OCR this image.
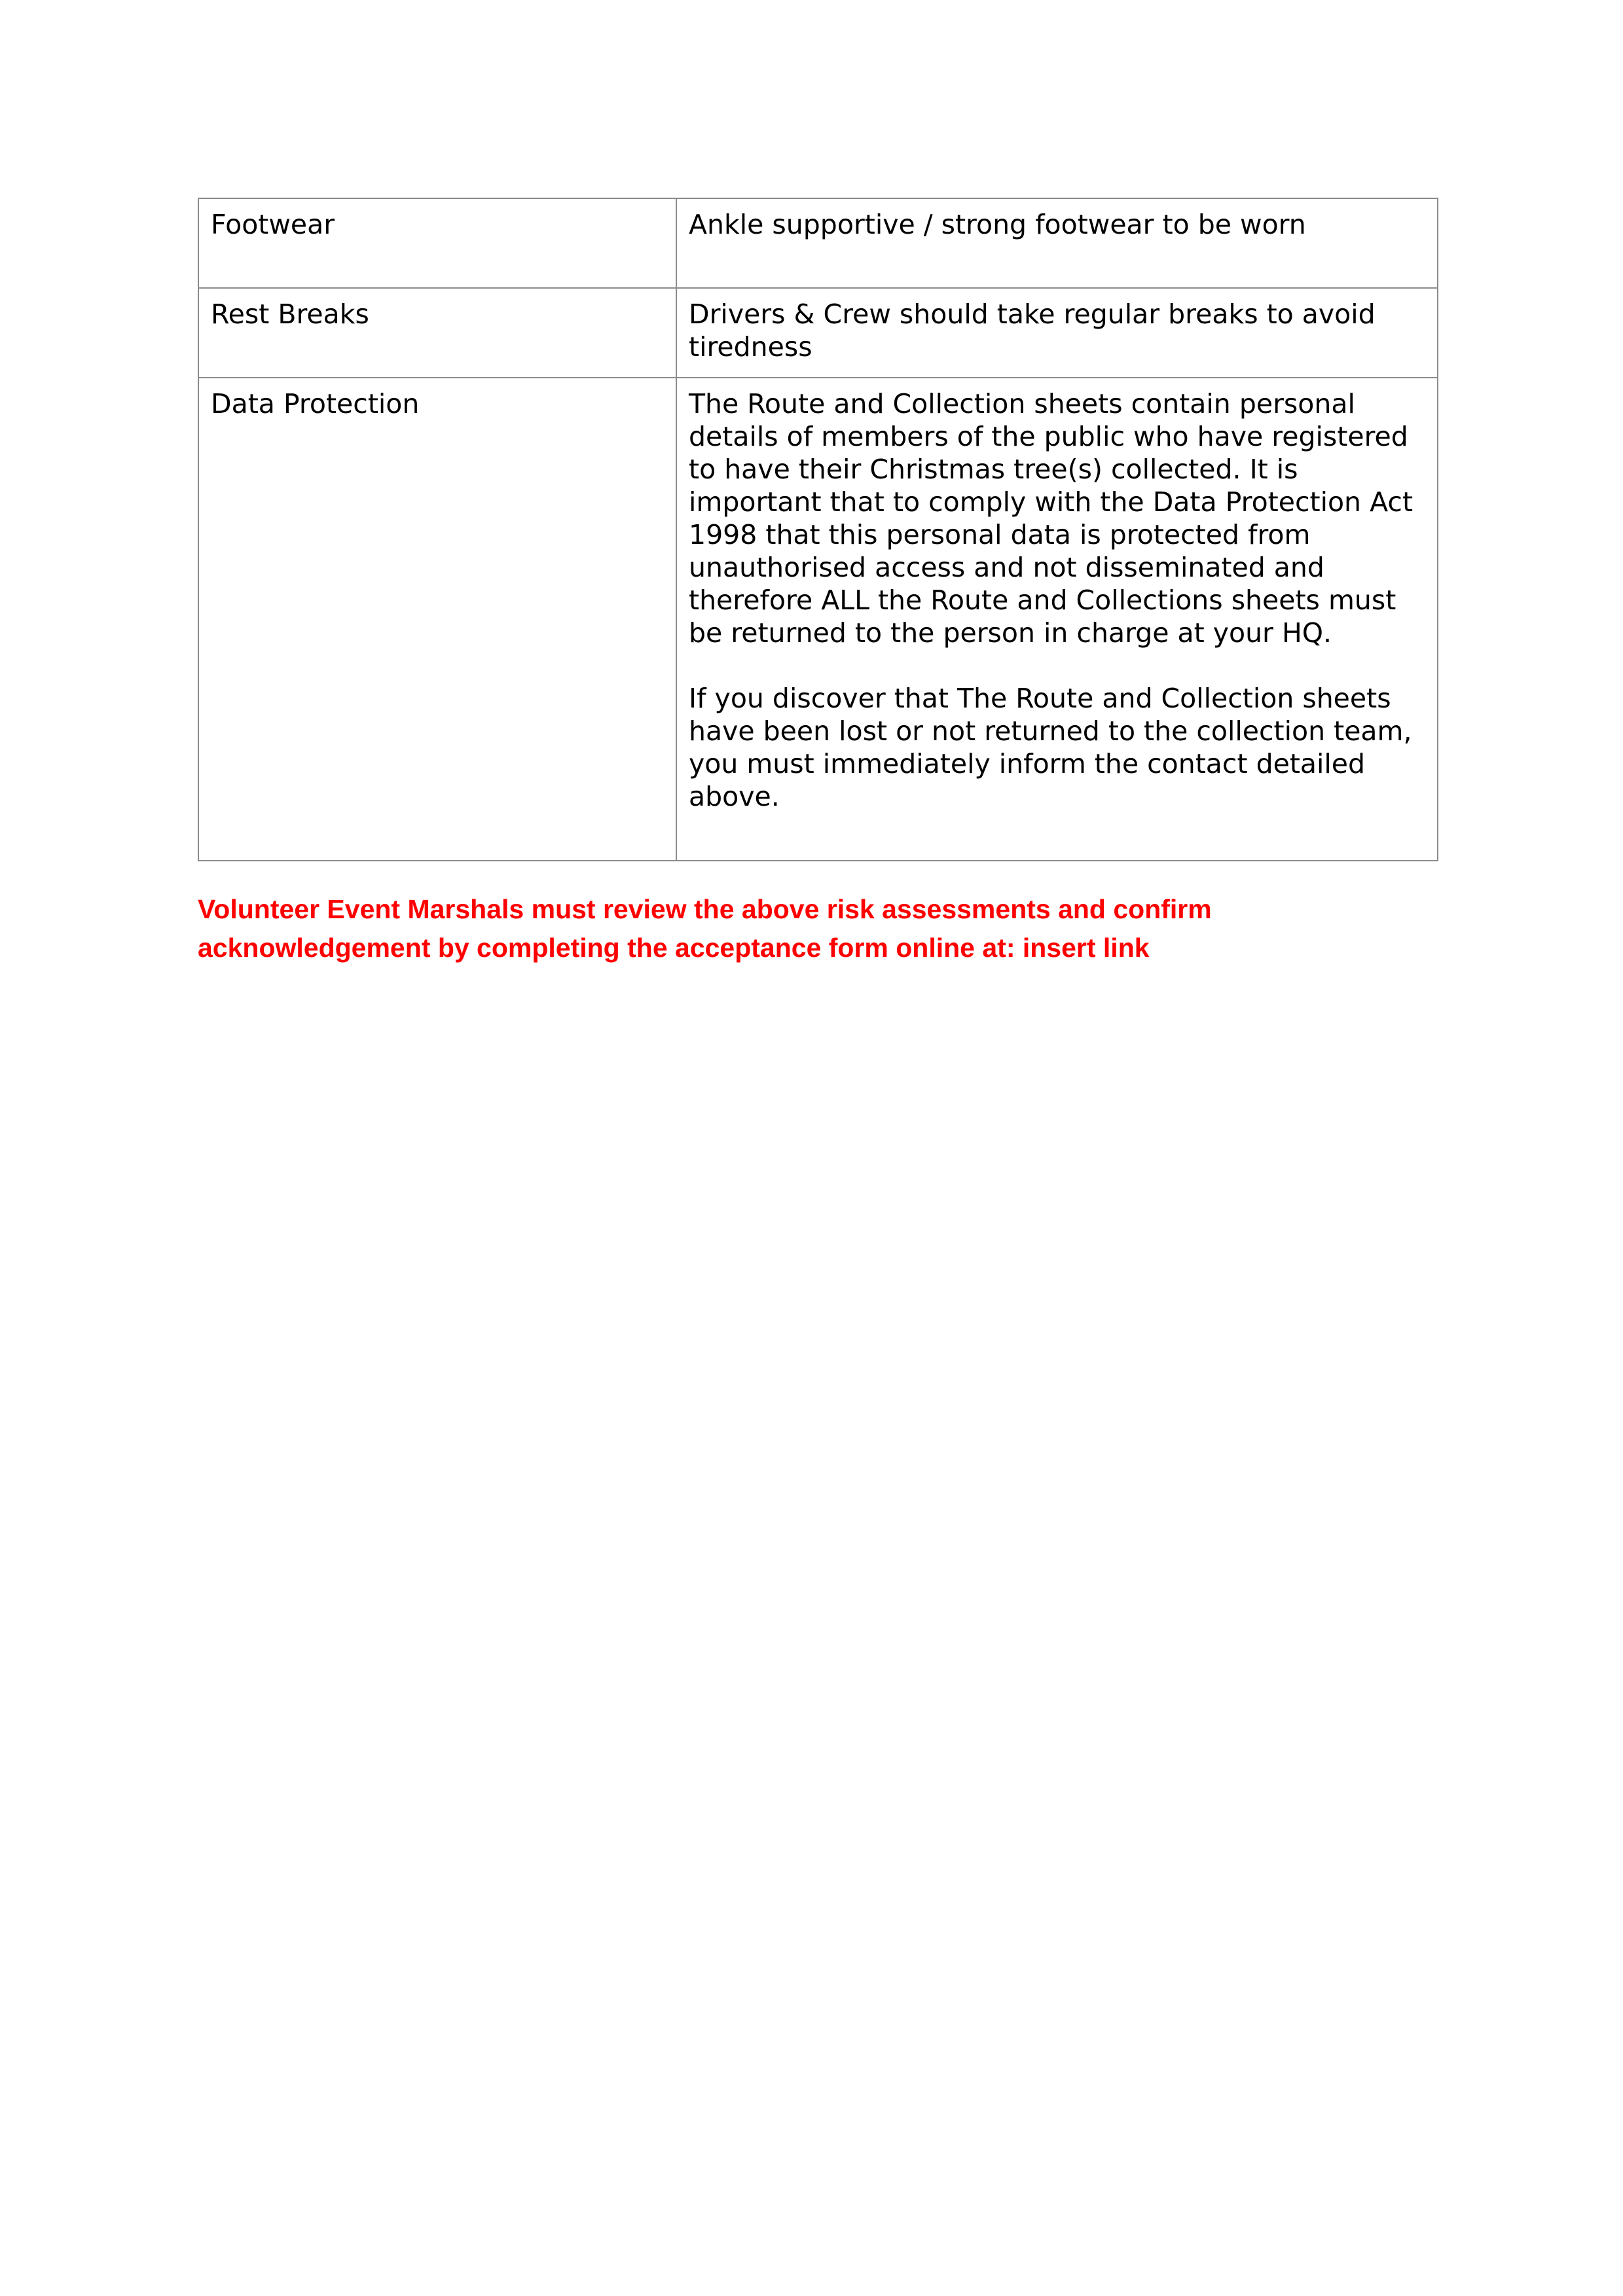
Footwear	Ankle supportive / strong footwear to be worn

Rest Breaks	Drivers & Crew should take regular breaks to avoid tiredness

Data Protection	The Route and Collection sheets contain personal details of members of the public who have registered to have their Christmas tree(s) collected. It is important that to comply with the Data Protection Act 1998 that this personal data is protected from unauthorised access and not disseminated and therefore ALL the Route and Collections sheets must be returned to the person in charge at your HQ.

If you discover that The Route and Collection sheets have been lost or not returned to the collection team, you must immediately inform the contact detailed above.

Volunteer Event Marshals must review the above risk assessments and confirm acknowledgement by completing the acceptance form online at: insert link
